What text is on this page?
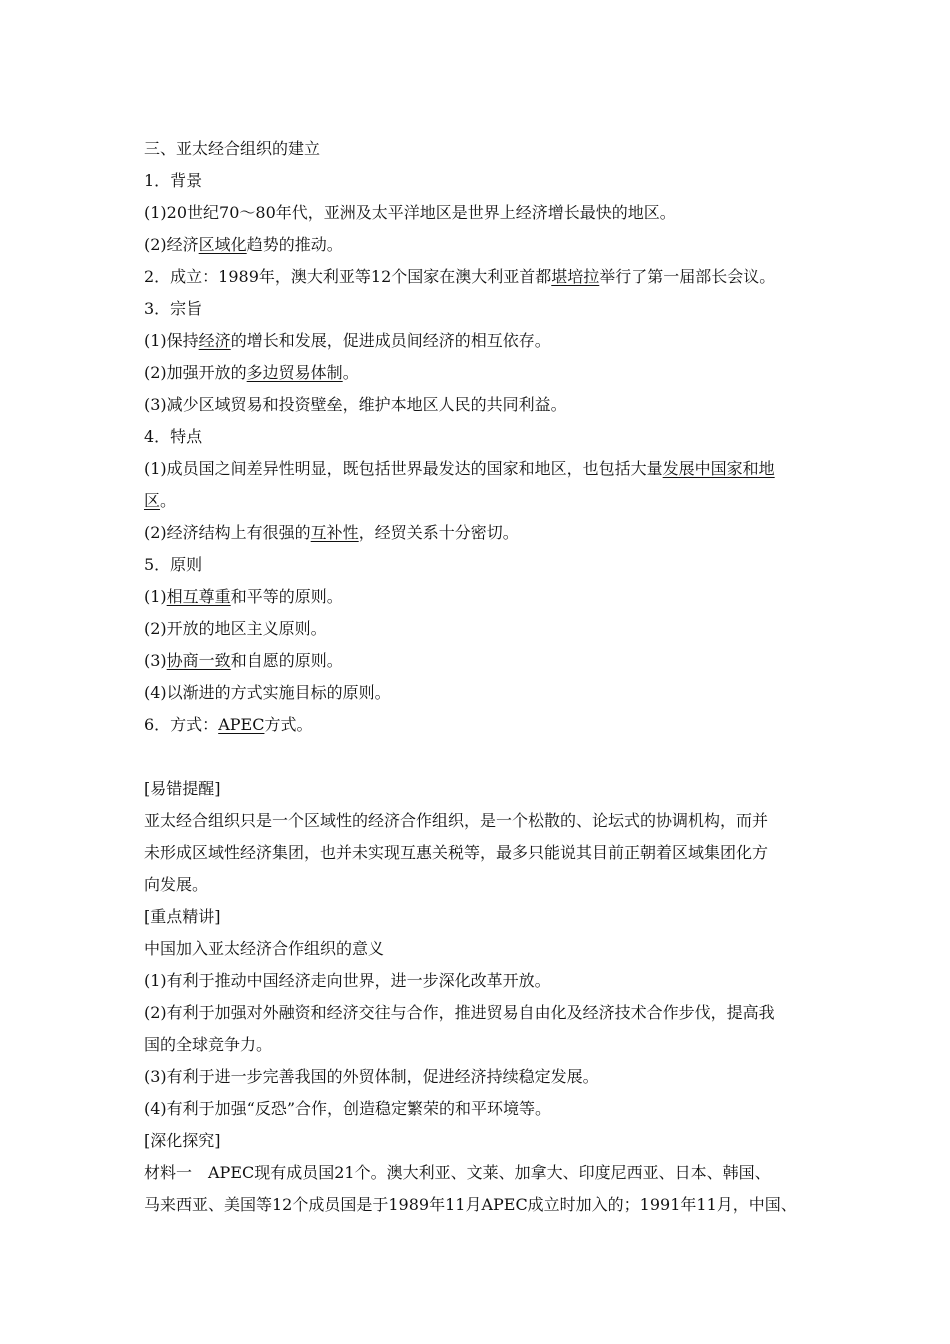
三、亚太经合组织的建立
1．背景
(1)20世纪70～80年代，亚洲及太平洋地区是世界上经济增长最快的地区。
(2)经济区域化趋势的推动。
2．成立：1989年，澳大利亚等12个国家在澳大利亚首都堪培拉举行了第一届部长会议。
3．宗旨
(1)保持经济的增长和发展，促进成员间经济的相互依存。
(2)加强开放的多边贸易体制。
(3)减少区域贸易和投资壁垒，维护本地区人民的共同利益。
4．特点
(1)成员国之间差异性明显，既包括世界最发达的国家和地区，也包括大量发展中国家和地
区。
(2)经济结构上有很强的互补性，经贸关系十分密切。
5．原则
(1)相互尊重和平等的原则。
(2)开放的地区主义原则。
(3)协商一致和自愿的原则。
(4)以渐进的方式实施目标的原则。
6．方式：APEC方式。
[易错提醒]
亚太经合组织只是一个区域性的经济合作组织，是一个松散的、论坛式的协调机构，而并
未形成区域性经济集团，也并未实现互惠关税等，最多只能说其目前正朝着区域集团化方
向发展。
[重点精讲]
中国加入亚太经济合作组织的意义
(1)有利于推动中国经济走向世界，进一步深化改革开放。
(2)有利于加强对外融资和经济交往与合作，推进贸易自由化及经济技术合作步伐，提高我
国的全球竞争力。
(3)有利于进一步完善我国的外贸体制，促进经济持续稳定发展。
(4)有利于加强“反恐”合作，创造稳定繁荣的和平环境等。
[深化探究]
材料一　APEC现有成员国21个。澳大利亚、文莱、加拿大、印度尼西亚、日本、韩国、
马来西亚、美国等12个成员国是于1989年11月APEC成立时加入的；1991年11月，中国、
